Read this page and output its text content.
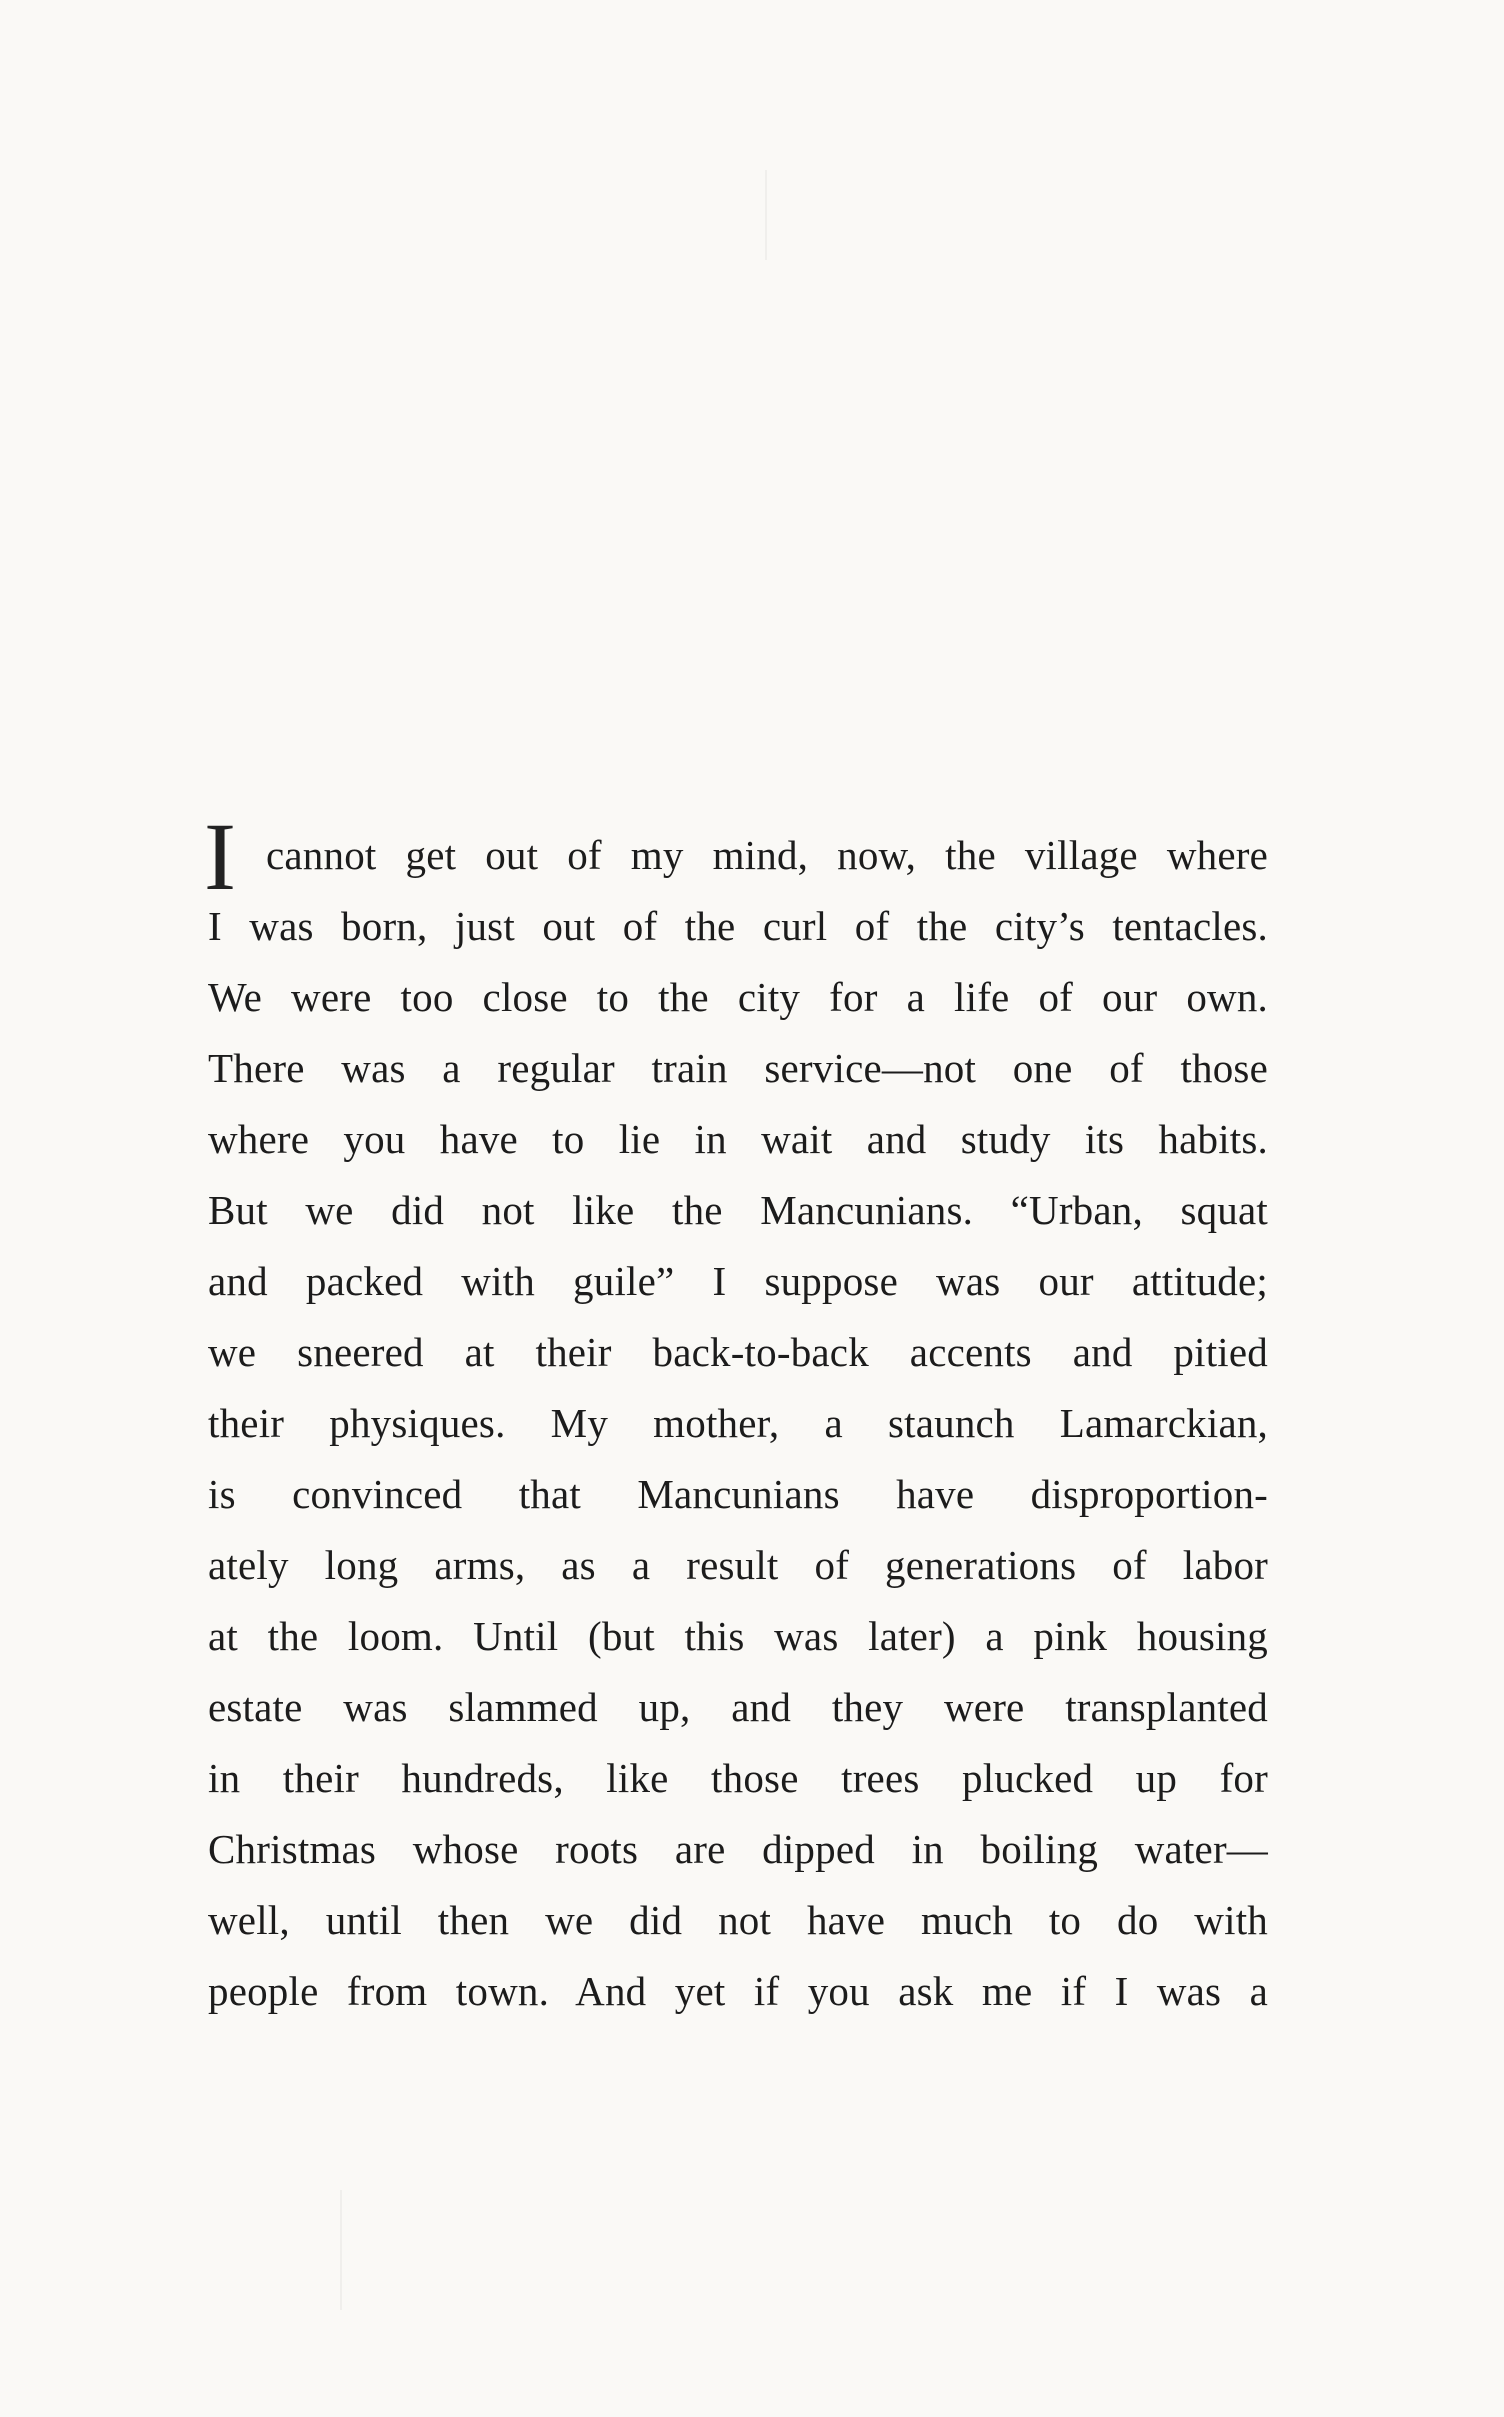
I cannot get out of my mind, now, the village where
I was born, just out of the curl of the city’s tentacles.
We were too close to the city for a life of our own.
There was a regular train service—not one of those
where you have to lie in wait and study its habits.
But we did not like the Mancunians. “Urban, squat
and packed with guile” I suppose was our attitude;
we sneered at their back-to-back accents and pitied
their physiques. My mother, a staunch Lamarckian,
is convinced that Mancunians have disproportion-
ately long arms, as a result of generations of labor
at the loom. Until (but this was later) a pink housing
estate was slammed up, and they were transplanted
in their hundreds, like those trees plucked up for
Christmas whose roots are dipped in boiling water—
well, until then we did not have much to do with
people from town. And yet if you ask me if I was a
